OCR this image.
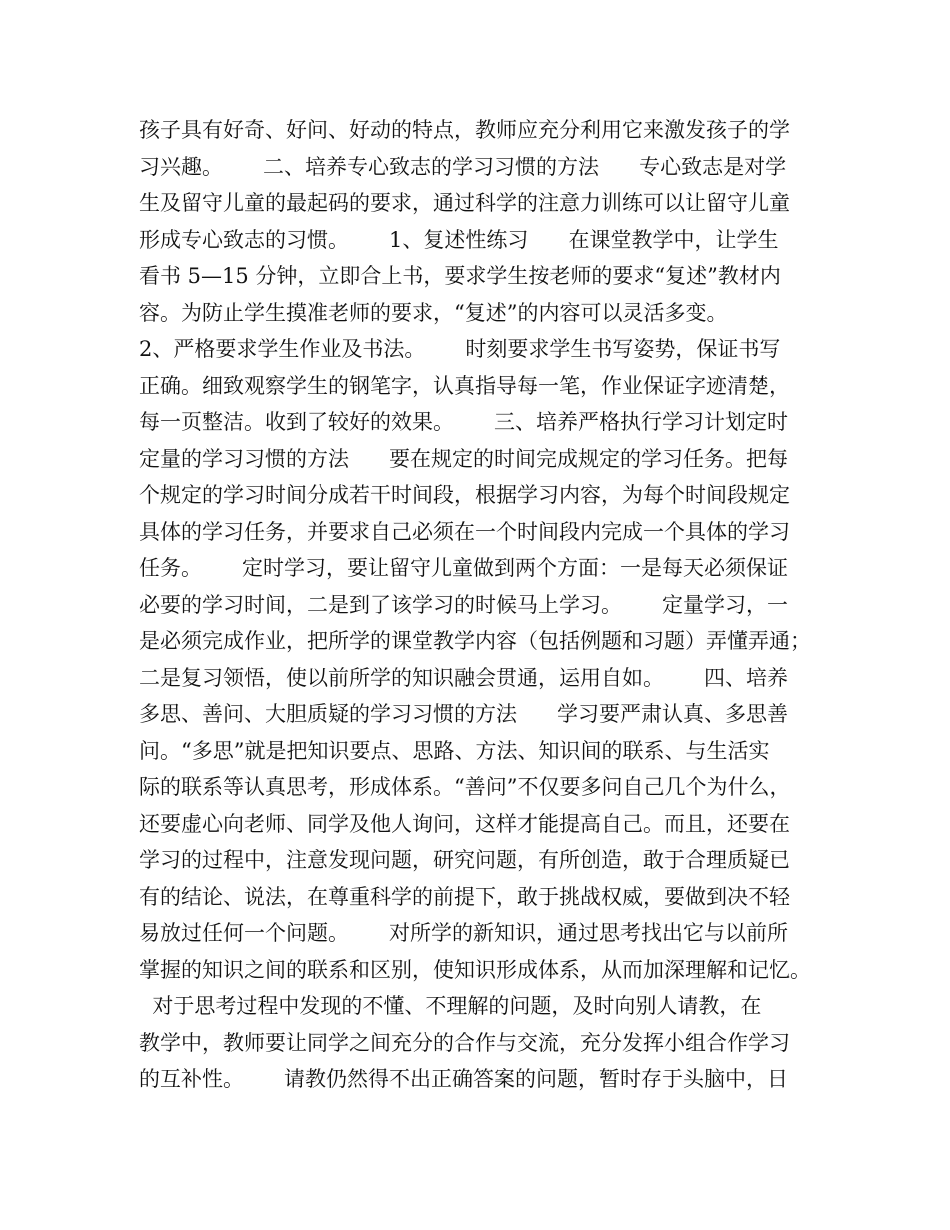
孩子具有好奇、好问、好动的特点，教师应充分利用它来激发孩子的学
习兴趣。      二、培养专心致志的学习习惯的方法      专心致志是对学
生及留守儿童的最起码的要求，通过科学的注意力训练可以让留守儿童
形成专心致志的习惯。      1、复述性练习      在课堂教学中，让学生
看书 5—15 分钟，立即合上书，要求学生按老师的要求“复述”教材内
容。为防止学生摸准老师的要求，“复述”的内容可以灵活多变。
2、严格要求学生作业及书法。      时刻要求学生书写姿势，保证书写
正确。细致观察学生的钢笔字，认真指导每一笔，作业保证字迹清楚，
每一页整洁。收到了较好的效果。      三、培养严格执行学习计划定时
定量的学习习惯的方法      要在规定的时间完成规定的学习任务。把每
个规定的学习时间分成若干时间段，根据学习内容，为每个时间段规定
具体的学习任务，并要求自己必须在一个时间段内完成一个具体的学习
任务。      定时学习，要让留守儿童做到两个方面：一是每天必须保证
必要的学习时间，二是到了该学习的时候马上学习。      定量学习，一
是必须完成作业，把所学的课堂教学内容（包括例题和习题）弄懂弄通；
二是复习领悟，使以前所学的知识融会贯通，运用自如。      四、培养
多思、善问、大胆质疑的学习习惯的方法      学习要严肃认真、多思善
问。“多思”就是把知识要点、思路、方法、知识间的联系、与生活实
际的联系等认真思考，形成体系。“善问”不仅要多问自己几个为什么，
还要虚心向老师、同学及他人询问，这样才能提高自己。而且，还要在
学习的过程中，注意发现问题，研究问题，有所创造，敢于合理质疑已
有的结论、说法，在尊重科学的前提下，敢于挑战权威，要做到决不轻
易放过任何一个问题。      对所学的新知识，通过思考找出它与以前所
掌握的知识之间的联系和区别，使知识形成体系，从而加深理解和记忆。
对于思考过程中发现的不懂、不理解的问题，及时向别人请教，在
教学中，教师要让同学之间充分的合作与交流，充分发挥小组合作学习
的互补性。      请教仍然得不出正确答案的问题，暂时存于头脑中，日
